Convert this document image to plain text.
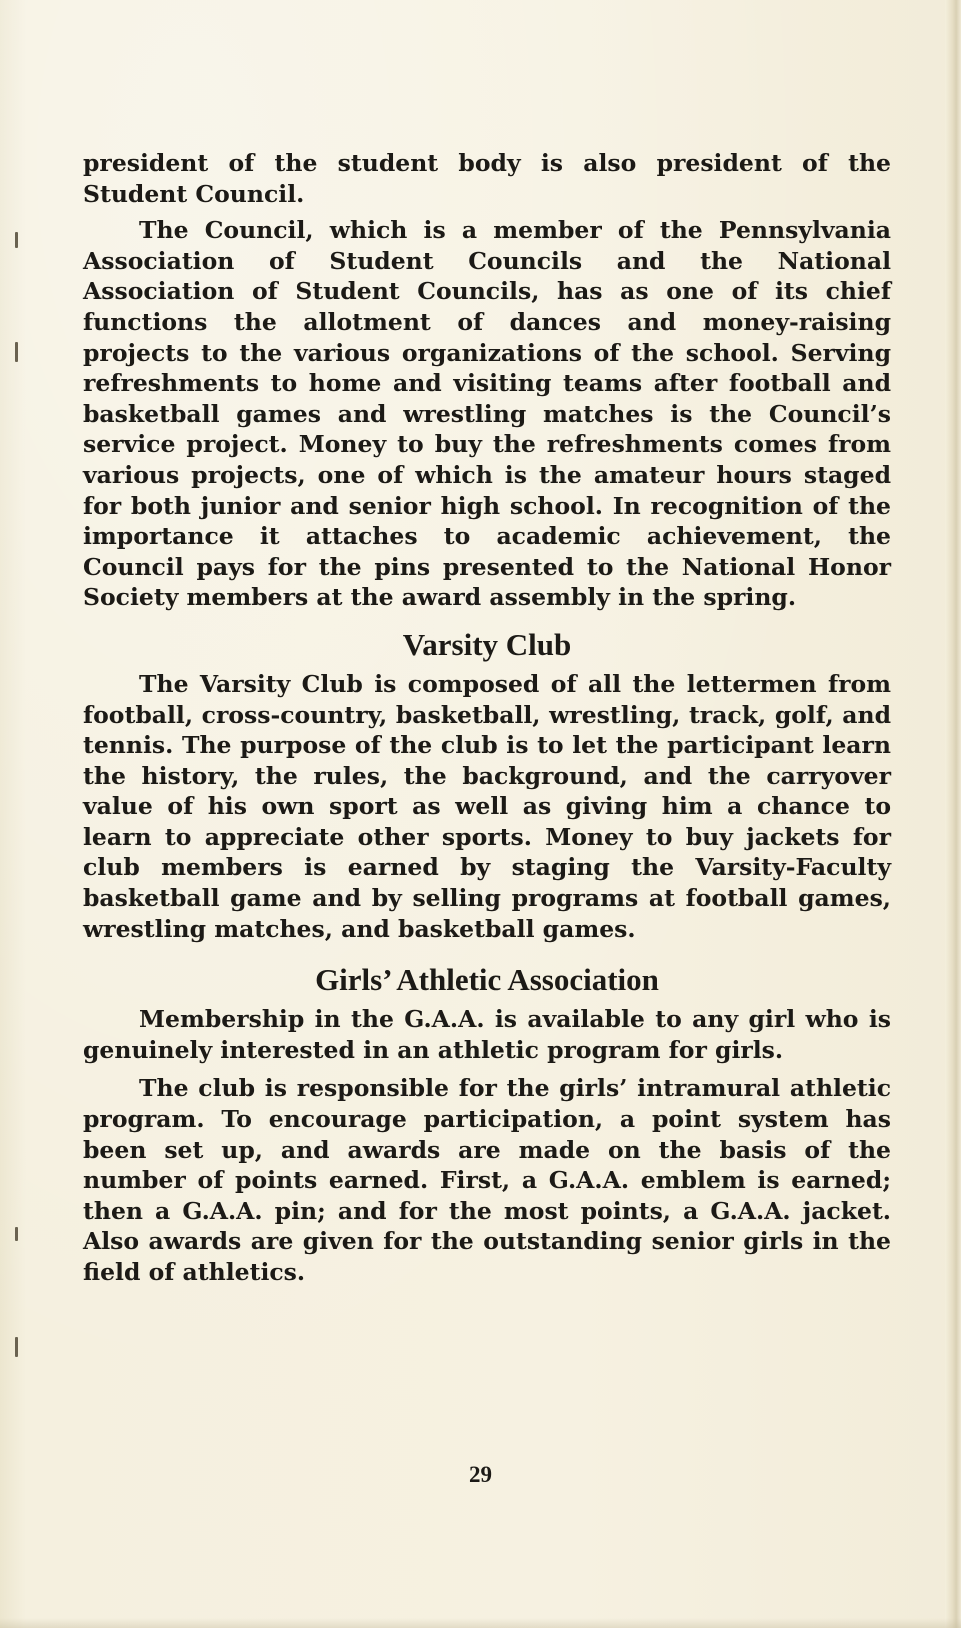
president of the student body is also president of the Student Council.

The Council, which is a member of the Pennsylvania Association of Student Councils and the National Association of Student Councils, has as one of its chief functions the allotment of dances and money-raising projects to the various organizations of the school. Serving refreshments to home and visiting teams after football and basketball games and wrestling matches is the Council’s service project. Money to buy the refreshments comes from various projects, one of which is the amateur hours staged for both junior and senior high school. In recognition of the importance it attaches to academic achievement, the Council pays for the pins presented to the National Honor Society members at the award assembly in the spring.

Varsity Club

The Varsity Club is composed of all the lettermen from football, cross-country, basketball, wrestling, track, golf, and tennis. The purpose of the club is to let the participant learn the history, the rules, the background, and the carryover value of his own sport as well as giving him a chance to learn to appreciate other sports. Money to buy jackets for club members is earned by staging the Varsity-Faculty basketball game and by selling programs at football games, wrestling matches, and basketball games.

Girls’ Athletic Association

Membership in the G.A.A. is available to any girl who is genuinely interested in an athletic program for girls.

The club is responsible for the girls’ intramural athletic program. To encourage participation, a point system has been set up, and awards are made on the basis of the number of points earned. First, a G.A.A. emblem is earned; then a G.A.A. pin; and for the most points, a G.A.A. jacket. Also awards are given for the outstanding senior girls in the field of athletics.

29
